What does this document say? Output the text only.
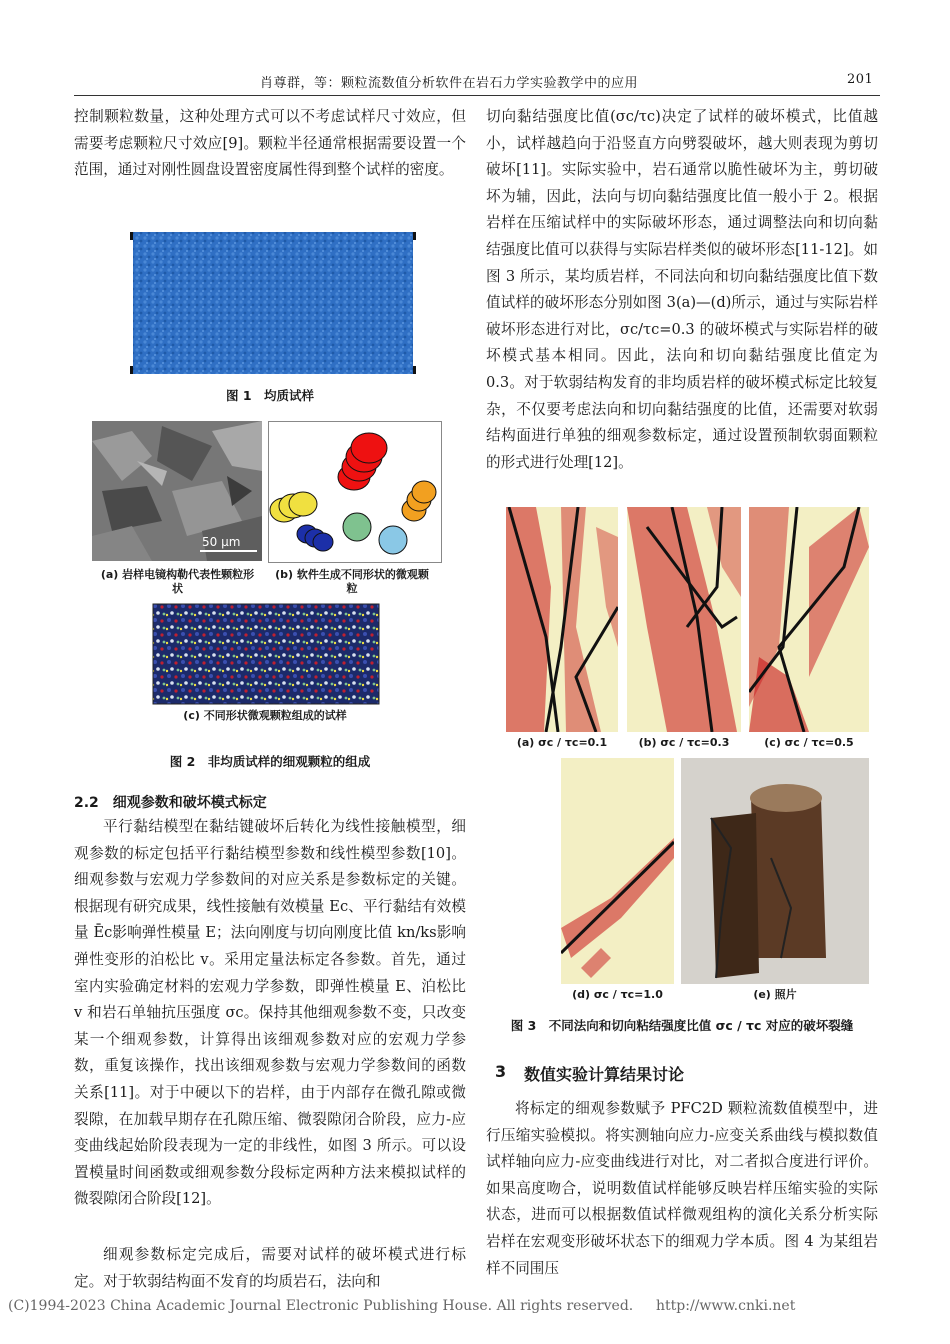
肖尊群，等：颗粒流数值分析软件在岩石力学实验教学中的应用	201

控制颗粒数量，这种处理方式可以不考虑试样尺寸效应，但需要考虑颗粒尺寸效应[9]。颗粒半径通常根据需要设置一个范围，通过对刚性圆盘设置密度属性得到整个试样的密度。

图 1　均质试样
50 μm
(a) 岩样电镜构勒代表性颗粒形状
(b) 软件生成不同形状的微观颗粒
(c) 不同形状微观颗粒组成的试样
图 2　非均质试样的细观颗粒的组成
2.2　细观参数和破坏模式标定

平行黏结模型在黏结键破坏后转化为线性接触模型，细观参数的标定包括平行黏结模型参数和线性模型参数[10]。细观参数与宏观力学参数间的对应关系是参数标定的关键。根据现有研究成果，线性接触有效模量 Ec、平行黏结有效模量 Ēc影响弹性模量 E；法向刚度与切向刚度比值 kn/ks影响弹性变形的泊松比 v。采用定量法标定各参数。首先，通过室内实验确定材料的宏观力学参数，即弹性模量 E、泊松比 v 和岩石单轴抗压强度 σc。保持其他细观参数不变，只改变某一个细观参数，计算得出该细观参数对应的宏观力学参数，重复该操作，找出该细观参数与宏观力学参数间的函数关系[11]。对于中硬以下的岩样，由于内部存在微孔隙或微裂隙，在加载早期存在孔隙压缩、微裂隙闭合阶段，应力-应变曲线起始阶段表现为一定的非线性，如图 3 所示。可以设置模量时间函数或细观参数分段标定两种方法来模拟试样的微裂隙闭合阶段[12]。

细观参数标定完成后，需要对试样的破坏模式进行标定。对于软弱结构面不发育的均质岩石，法向和

切向黏结强度比值(σc/τc)决定了试样的破坏模式，比值越小，试样越趋向于沿竖直方向劈裂破坏，越大则表现为剪切破坏[11]。实际实验中，岩石通常以脆性破坏为主，剪切破坏为辅，因此，法向与切向黏结强度比值一般小于 2。根据岩样在压缩试样中的实际破坏形态，通过调整法向和切向黏结强度比值可以获得与实际岩样类似的破坏形态[11-12]。如图 3 所示，某均质岩样，不同法向和切向黏结强度比值下数值试样的破坏形态分别如图 3(a)—(d)所示，通过与实际岩样破坏形态进行对比，σc/τc=0.3 的破坏模式与实际岩样的破坏模式基本相同。因此，法向和切向黏结强度比值定为 0.3。对于软弱结构发育的非均质岩样的破坏模式标定比较复杂，不仅要考虑法向和切向黏结强度的比值，还需要对软弱结构面进行单独的细观参数标定，通过设置预制软弱面颗粒的形式进行处理[12]。

(a) σc / τc=0.1	(b) σc / τc=0.3	(c) σc / τc=0.5
(d) σc / τc=1.0	(e) 照片
图 3　不同法向和切向粘结强度比值 σc / τc 对应的破坏裂缝
3 数值实验计算结果讨论

将标定的细观参数赋予 PFC2D 颗粒流数值模型中，进行压缩实验模拟。将实测轴向应力-应变关系曲线与模拟数值试样轴向应力-应变曲线进行对比，对二者拟合度进行评价。如果高度吻合，说明数值试样能够反映岩样压缩实验的实际状态，进而可以根据数值试样微观组构的演化关系分析实际岩样在宏观变形破坏状态下的细观力学本质。图 4 为某组岩样不同围压

(C)1994-2023 China Academic Journal Electronic Publishing House. All rights reserved. http://www.cnki.net
